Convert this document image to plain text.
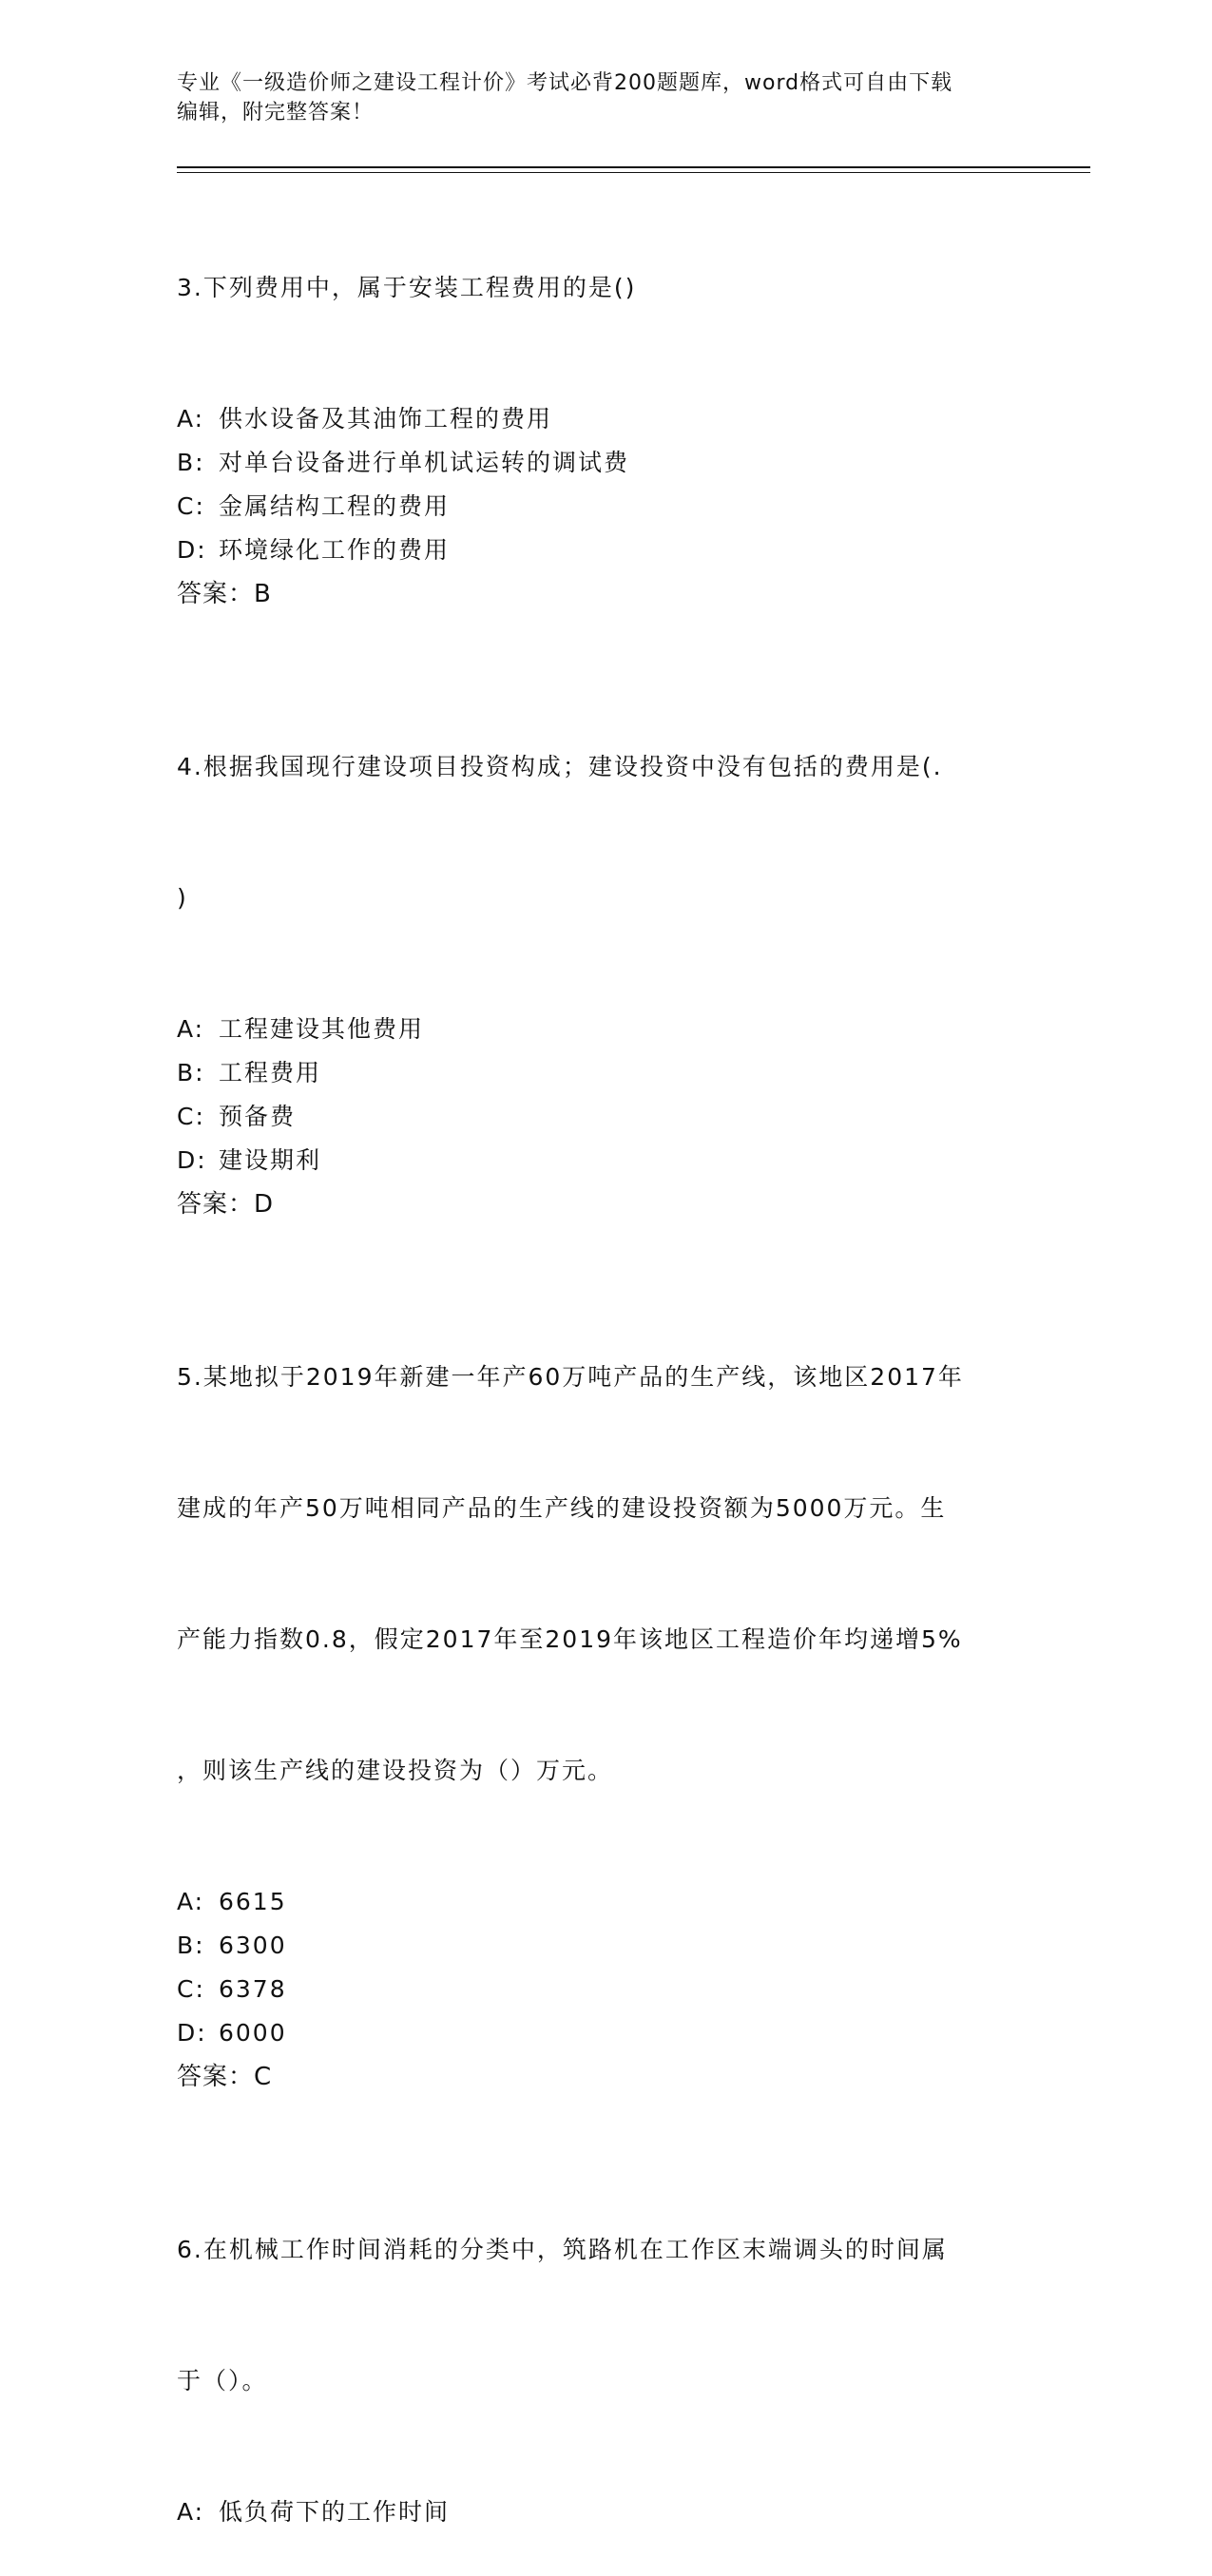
专业《一级造价师之建设工程计价》考试必背200题题库，word格式可自由下载
编辑，附完整答案！

3.下列费用中，属于安装工程费用的是()

A: 供水设备及其油饰工程的费用
B: 对单台设备进行单机试运转的调试费
C: 金属结构工程的费用
D: 环境绿化工作的费用
答案：B

4.根据我国现行建设项目投资构成；建设投资中没有包括的费用是(.

)

A: 工程建设其他费用
B: 工程费用
C: 预备费
D: 建设期利
答案：D

5.某地拟于2019年新建一年产60万吨产品的生产线，该地区2017年

建成的年产50万吨相同产品的生产线的建设投资额为5000万元。生

产能力指数0.8，假定2017年至2019年该地区工程造价年均递增5%

，则该生产线的建设投资为（）万元。

A: 6615
B: 6300
C: 6378
D: 6000
答案：C

6.在机械工作时间消耗的分类中，筑路机在工作区末端调头的时间属

于（）。

A: 低负荷下的工作时间
